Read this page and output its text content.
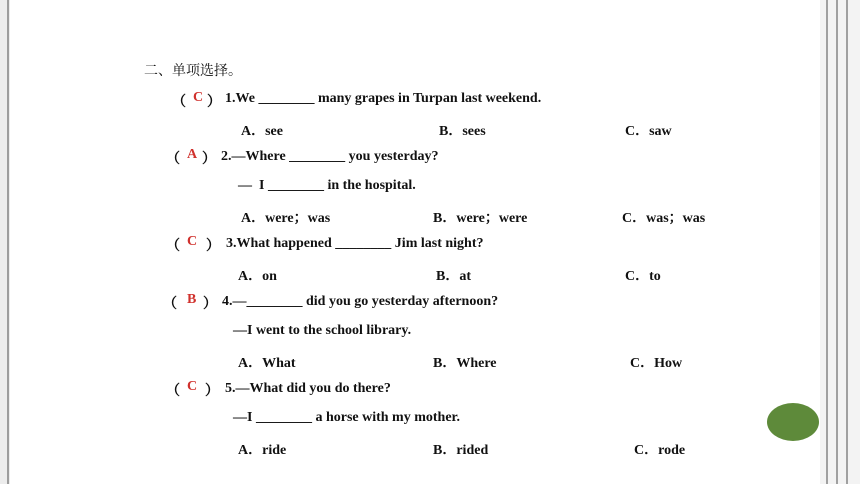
二、单项选择。
（ C ） 1.We ________ many grapes in Turpan last weekend.
A．see	B．sees	C．saw
（ A ） 2.—Where ________ you yesterday?
—  I ________ in the hospital.
A．were；was	B．were；were	C．was；was
（ C ） 3.What happened ________ Jim last night?
A．on	B．at	C．to
（ B ） 4.—________ did you go yesterday afternoon?
—I went to the school library.
A．What	B．Where	C．How
（ C ） 5.—What did you do there?
—I ________ a horse with my mother.
A．ride	B．rided	C．rode
